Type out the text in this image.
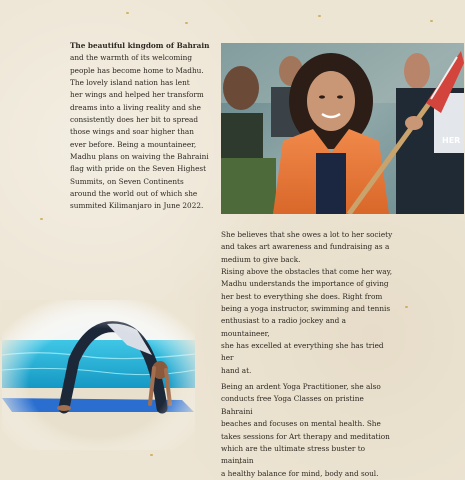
The beautiful kingdom of Bahrain
and the warmth of its welcoming
people has become home to Madhu.
The lovely island nation has lent
her wings and helped her transform
dreams into a living reality and she
consistently does her bit to spread
those wings and soar higher than
ever before. Being a mountaineer,
Madhu plans on waiving the Bahraini
flag with pride on the Seven Highest
Summits, on Seven Continents
around the world out of which she
summited Kilimanjaro in June 2022.
HER
She believes that she owes a lot to her society
and takes art awareness and fundraising as a
medium to give back.
Rising above the obstacles that come her way,
Madhu understands the importance of giving
her best to everything she does. Right from
being a yoga instructor, swimming and tennis
enthusiast to a radio jockey and a mountaineer,
she has excelled at everything she has tried her
hand at.
Being an ardent Yoga Practitioner, she also
conducts free Yoga Classes on pristine Bahraini
beaches and focuses on mental health. She
takes sessions for Art therapy and meditation
which are the ultimate stress buster to maintain
a healthy balance for mind, body and soul.
